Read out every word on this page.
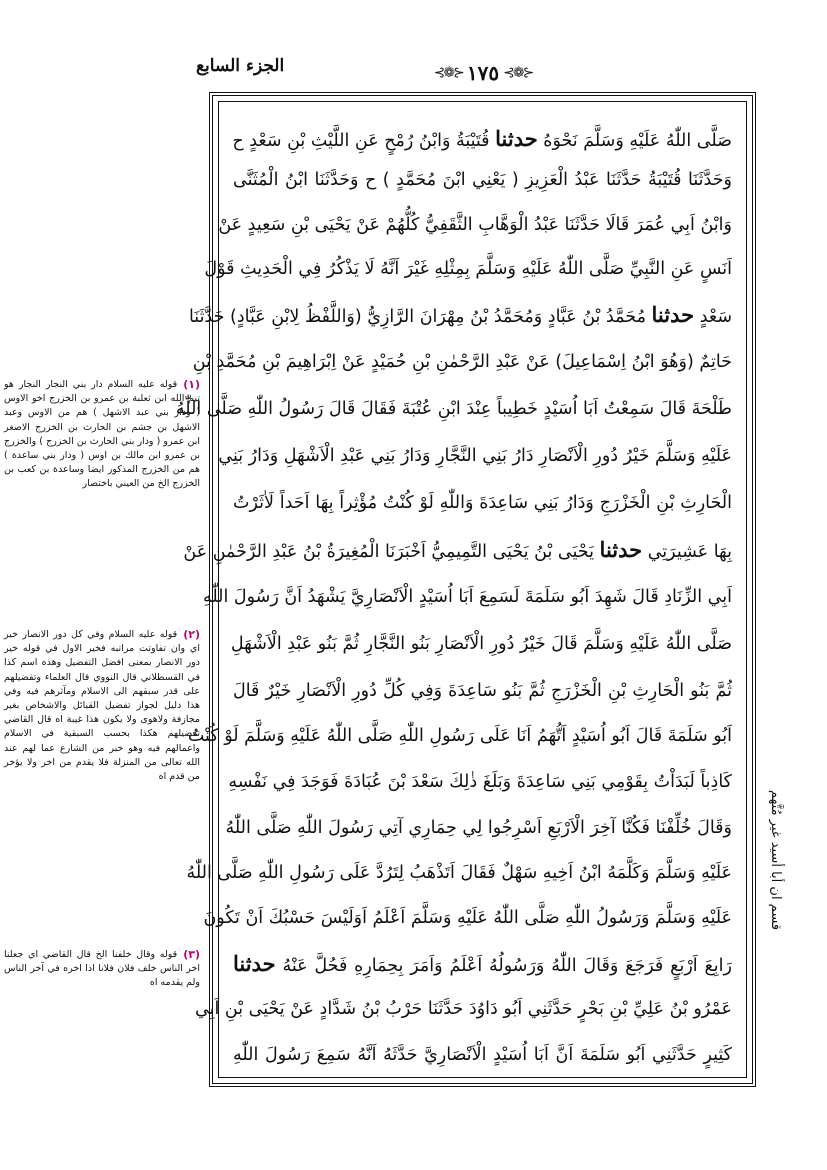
الجزء السابع	⊰❁⊱ ١٧٥ ⊰❁⊱
صَلَّى اللّٰهُ عَلَيْهِ وَسَلَّمَ نَحْوَهُ حدثنا قُتَيْبَةُ وَابْنُ رُمْحٍ عَنِ اللَّيْثِ بْنِ سَعْدٍ ح
وَحَدَّثَنَا قُتَيْبَةُ حَدَّثَنَا عَبْدُ الْعَزِيزِ ( يَعْنِي ابْنَ مُحَمَّدٍ ) ح وَحَدَّثَنَا ابْنُ الْمُثَنَّى
وَابْنُ اَبِي عُمَرَ قَالَا حَدَّثَنَا عَبْدُ الْوَهَّابِ الثَّقَفِيُّ كُلُّهُمْ عَنْ يَحْيَى بْنِ سَعِيدٍ عَنْ
اَنَسٍ عَنِ النَّبِيِّ صَلَّى اللّٰهُ عَلَيْهِ وَسَلَّمَ بِمِثْلِهِ غَيْرَ اَنَّهُ لَا يَذْكُرُ فِي الْحَدِيثِ قَوْلَ
سَعْدٍ حدثنا مُحَمَّدُ بْنُ عَبَّادٍ وَمُحَمَّدُ بْنُ مِهْرَانَ الرَّازِيُّ (وَاللَّفْظُ لِابْنِ عَبَّادٍ) حَدَّثَنَا
حَاتِمٌ (وَهُوَ ابْنُ اِسْمَاعِيلَ) عَنْ عَبْدِ الرَّحْمٰنِ بْنِ حُمَيْدٍ عَنْ اِبْرَاهِيمَ بْنِ مُحَمَّدِ بْنِ
طَلْحَةَ قَالَ سَمِعْتُ اَبَا اُسَيْدٍ خَطِيباً عِنْدَ ابْنِ عُتْبَةَ فَقَالَ قَالَ رَسُولُ اللّٰهِ صَلَّى اللّٰهُ
عَلَيْهِ وَسَلَّمَ خَيْرُ دُورِ الْاَنْصَارِ دَارُ بَنِي النَّجَّارِ وَدَارُ بَنِي عَبْدِ الْاَشْهَلِ وَدَارُ بَنِي
الْحَارِثِ بْنِ الْخَزْرَجِ وَدَارُ بَنِي سَاعِدَةَ وَاللّٰهِ لَوْ كُنْتُ مُؤْثِراً بِهَا اَحَداً لَاٰثَرْتُ
بِهَا عَشِيرَتِي حدثنا يَحْيَى بْنُ يَحْيَى التَّمِيمِيُّ اَخْبَرَنَا الْمُغِيرَةُ بْنُ عَبْدِ الرَّحْمٰنِ عَنْ
اَبِي الزِّنَادِ قَالَ شَهِدَ اَبُو سَلَمَةَ لَسَمِعَ اَبَا اُسَيْدٍ الْاَنْصَارِيَّ يَشْهَدُ اَنَّ رَسُولَ اللّٰهِ
صَلَّى اللّٰهُ عَلَيْهِ وَسَلَّمَ قَالَ خَيْرُ دُورِ الْاَنْصَارِ بَنُو النَّجَّارِ ثُمَّ بَنُو عَبْدِ الْاَشْهَلِ
ثُمَّ بَنُو الْحَارِثِ بْنِ الْخَزْرَجِ ثُمَّ بَنُو سَاعِدَةَ وَفِي كُلِّ دُورِ الْاَنْصَارِ خَيْرٌ قَالَ
اَبُو سَلَمَةَ قَالَ اَبُو اُسَيْدٍ اَتُّهَمُ اَنَا عَلَى رَسُولِ اللّٰهِ صَلَّى اللّٰهُ عَلَيْهِ وَسَلَّمَ لَوْ كُنْتُ
كَاذِباً لَبَدَاْتُ بِقَوْمِي بَنِي سَاعِدَةَ وَبَلَغَ ذٰلِكَ سَعْدَ بْنَ عُبَادَةَ فَوَجَدَ فِي نَفْسِهِ
وَقَالَ خُلِّفْنَا فَكُنَّا آخِرَ الْاَرْبَعِ اَسْرِجُوا لِي حِمَارِي آتِي رَسُولَ اللّٰهِ صَلَّى اللّٰهُ
عَلَيْهِ وَسَلَّمَ وَكَلَّمَهُ ابْنُ اَخِيهِ سَهْلٌ فَقَالَ اَتَذْهَبُ لِتَرُدَّ عَلَى رَسُولِ اللّٰهِ صَلَّى اللّٰهُ
عَلَيْهِ وَسَلَّمَ وَرَسُولُ اللّٰهِ صَلَّى اللّٰهُ عَلَيْهِ وَسَلَّمَ اَعْلَمُ اَوَلَيْسَ حَسْبُكَ اَنْ تَكُونَ
رَابِعَ اَرْبَعٍ فَرَجَعَ وَقَالَ اللّٰهُ وَرَسُولُهُ اَعْلَمُ وَاَمَرَ بِحِمَارِهِ فَحُلَّ عَنْهُ حدثنا
عَمْرُو بْنُ عَلِيِّ بْنِ بَحْرٍ حَدَّثَنِي اَبُو دَاوُدَ حَدَّثَنَا حَرْبُ بْنُ شَدَّادٍ عَنْ يَحْيَى بْنِ اَبِي
كَثِيرٍ حَدَّثَنِي اَبُو سَلَمَةَ اَنَّ اَبَا اُسَيْدٍ الْاَنْصَارِيَّ حَدَّثَهُ اَنَّهُ سَمِعَ رَسُولَ اللّٰهِ
قسم ان أبا أسيد غير مُتَّهم
(١)
قوله عليه السلام دار بني النجار النجار هو تيم الله ابن ثعلبة بن عمرو بن الخزرج اخو الاوس ( ودار بني عبد الاشهل ) هم من الاوس وعبد الاشهل بن جشم بن الحارث بن الخزرج الاصغر ابن عمرو ( ودار بني الحارث بن الخزرج ) والخزرج بن عمرو ابن مالك بن اوس ( ودار بني ساعدة ) هم من الخزرج المذكور ايضا وساعدة بن كعب بن الخزرج الخ من العيني باختصار
(٢)
قوله عليه السلام وفي كل دور الانصار خير اي وان تفاوتت مراتبه فخير الاول في قوله خير دور الانصار بمعنى افضل التفضيل وهذه اسم كذا في القسطلاني قال النووي قال العلماء وتفضيلهم على قدر سبقهم الى الاسلام ومآثرهم فيه وفي هذا دليل لجواز تفضيل القبائل والاشخاص بغير مجازفة ولاهوى ولا يكون هذا غيبة اه قال القاضي تفضيلهم هكذا بحسب السبقية في الاسلام واعمالهم فيه وهو خبر من الشارع عما لهم عند الله تعالى من المنزلة فلا يقدم من اخر ولا يؤخر من قدم اه
(٣)
قوله وقال خلفنا الخ قال القاضي اي جعلنا اخر الناس خلف فلان فلانا اذا اخره في آخر الناس ولم يقدمه اه
